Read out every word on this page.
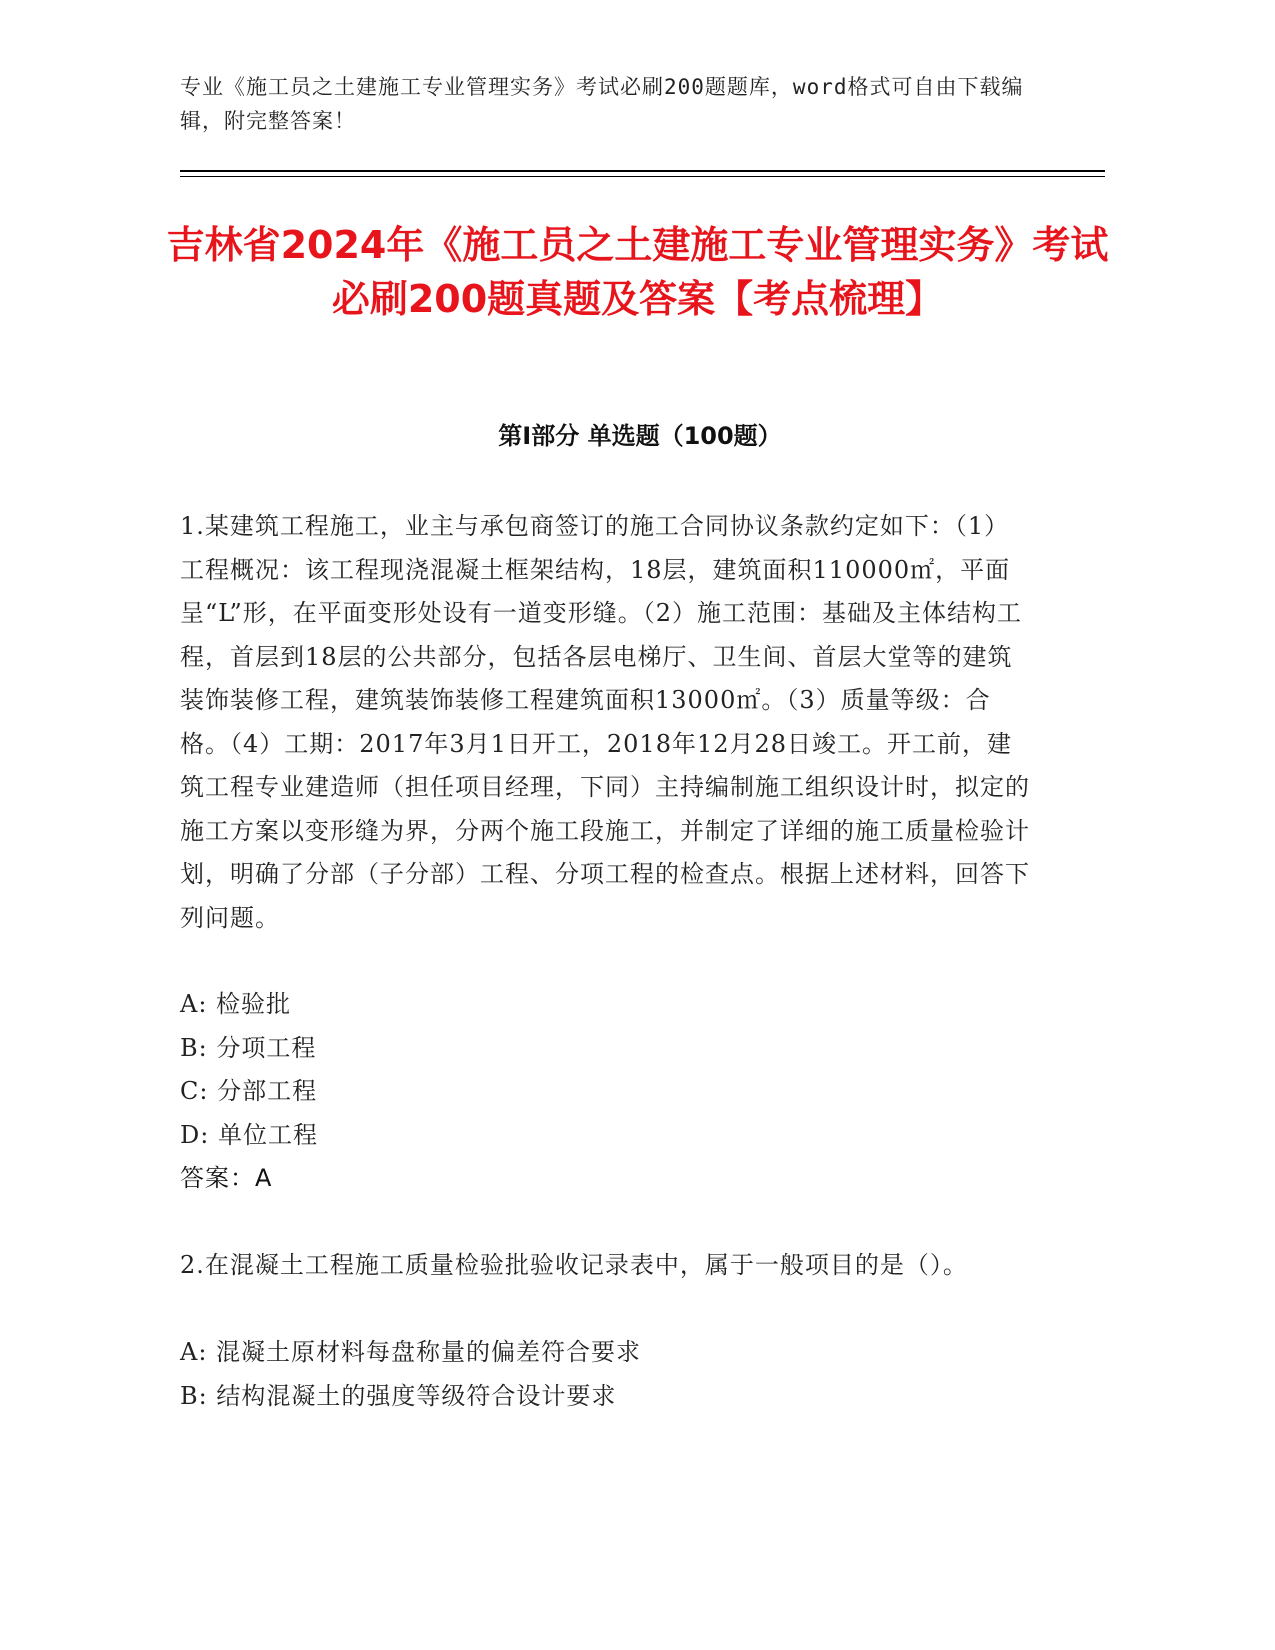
专业《施工员之土建施工专业管理实务》考试必刷200题题库，word格式可自由下载编辑，附完整答案！
吉林省2024年《施工员之土建施工专业管理实务》考试必刷200题真题及答案【考点梳理】
第Ⅰ部分 单选题（100题）
1.某建筑工程施工，业主与承包商签订的施工合同协议条款约定如下：（1）工程概况：该工程现浇混凝土框架结构，18层，建筑面积110000㎡，平面呈“L”形，在平面变形处设有一道变形缝。（2）施工范围：基础及主体结构工程，首层到18层的公共部分，包括各层电梯厅、卫生间、首层大堂等的建筑装饰装修工程，建筑装饰装修工程建筑面积13000㎡。（3）质量等级：合格。（4）工期：2017年3月1日开工，2018年12月28日竣工。开工前，建筑工程专业建造师（担任项目经理，下同）主持编制施工组织设计时，拟定的施工方案以变形缝为界，分两个施工段施工，并制定了详细的施工质量检验计划，明确了分部（子分部）工程、分项工程的检查点。根据上述材料，回答下列问题。
A: 检验批
B: 分项工程
C: 分部工程
D: 单位工程
答案：A
2.在混凝土工程施工质量检验批验收记录表中，属于一般项目的是（）。
A: 混凝土原材料每盘称量的偏差符合要求
B: 结构混凝土的强度等级符合设计要求
